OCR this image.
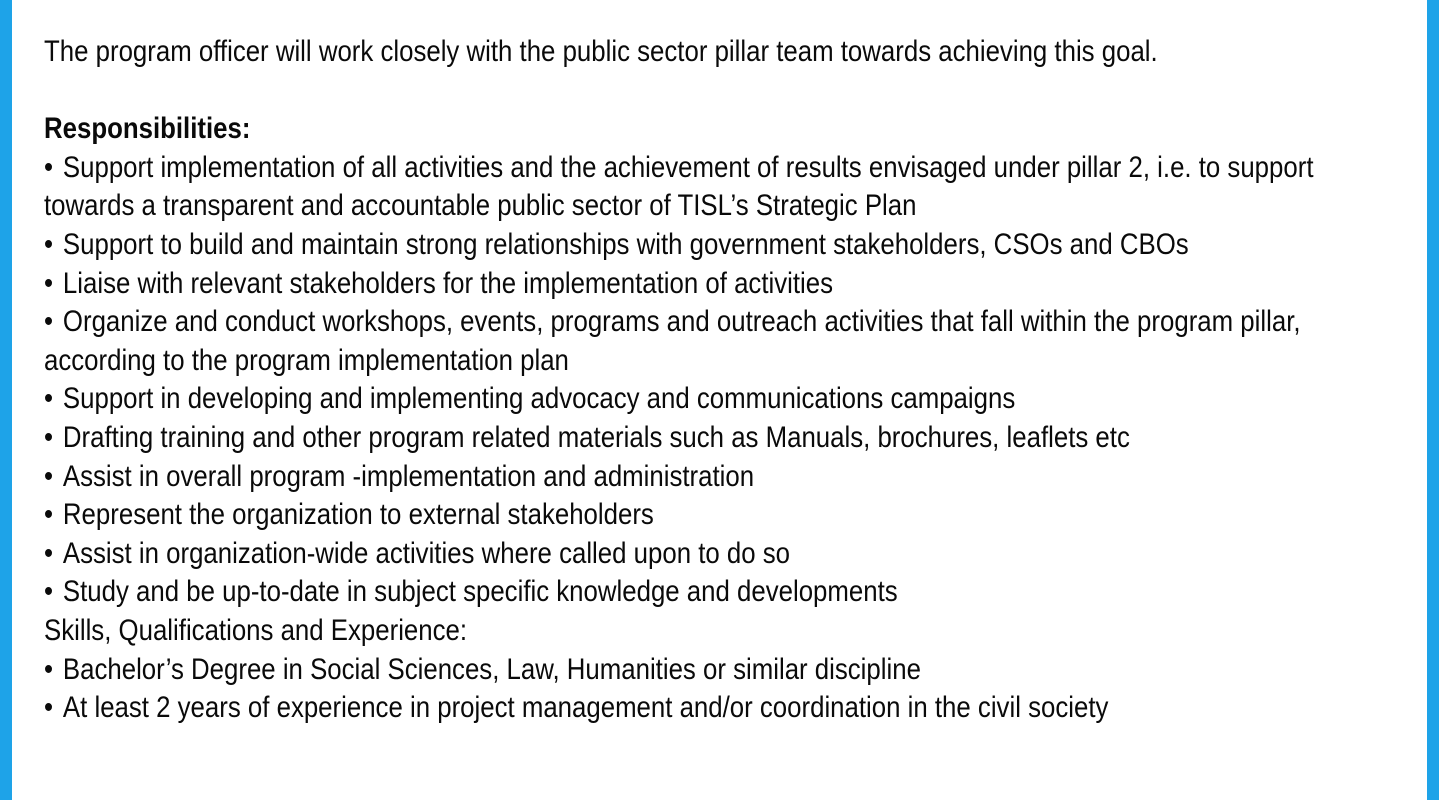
The program officer will work closely with the public sector pillar team towards achieving this goal.

Responsibilities:

• Support implementation of all activities and the achievement of results envisaged under pillar 2, i.e. to support towards a transparent and accountable public sector of TISL’s Strategic Plan
• Support to build and maintain strong relationships with government stakeholders, CSOs and CBOs
• Liaise with relevant stakeholders for the implementation of activities
• Organize and conduct workshops, events, programs and outreach activities that fall within the program pillar, according to the program implementation plan
• Support in developing and implementing advocacy and communications campaigns
• Drafting training and other program related materials such as Manuals, brochures, leaflets etc
• Assist in overall program -implementation and administration
• Represent the organization to external stakeholders
• Assist in organization-wide activities where called upon to do so
• Study and be up-to-date in subject specific knowledge and developments

Skills, Qualifications and Experience:

• Bachelor’s Degree in Social Sciences, Law, Humanities or similar discipline
• At least 2 years of experience in project management and/or coordination in the civil society
